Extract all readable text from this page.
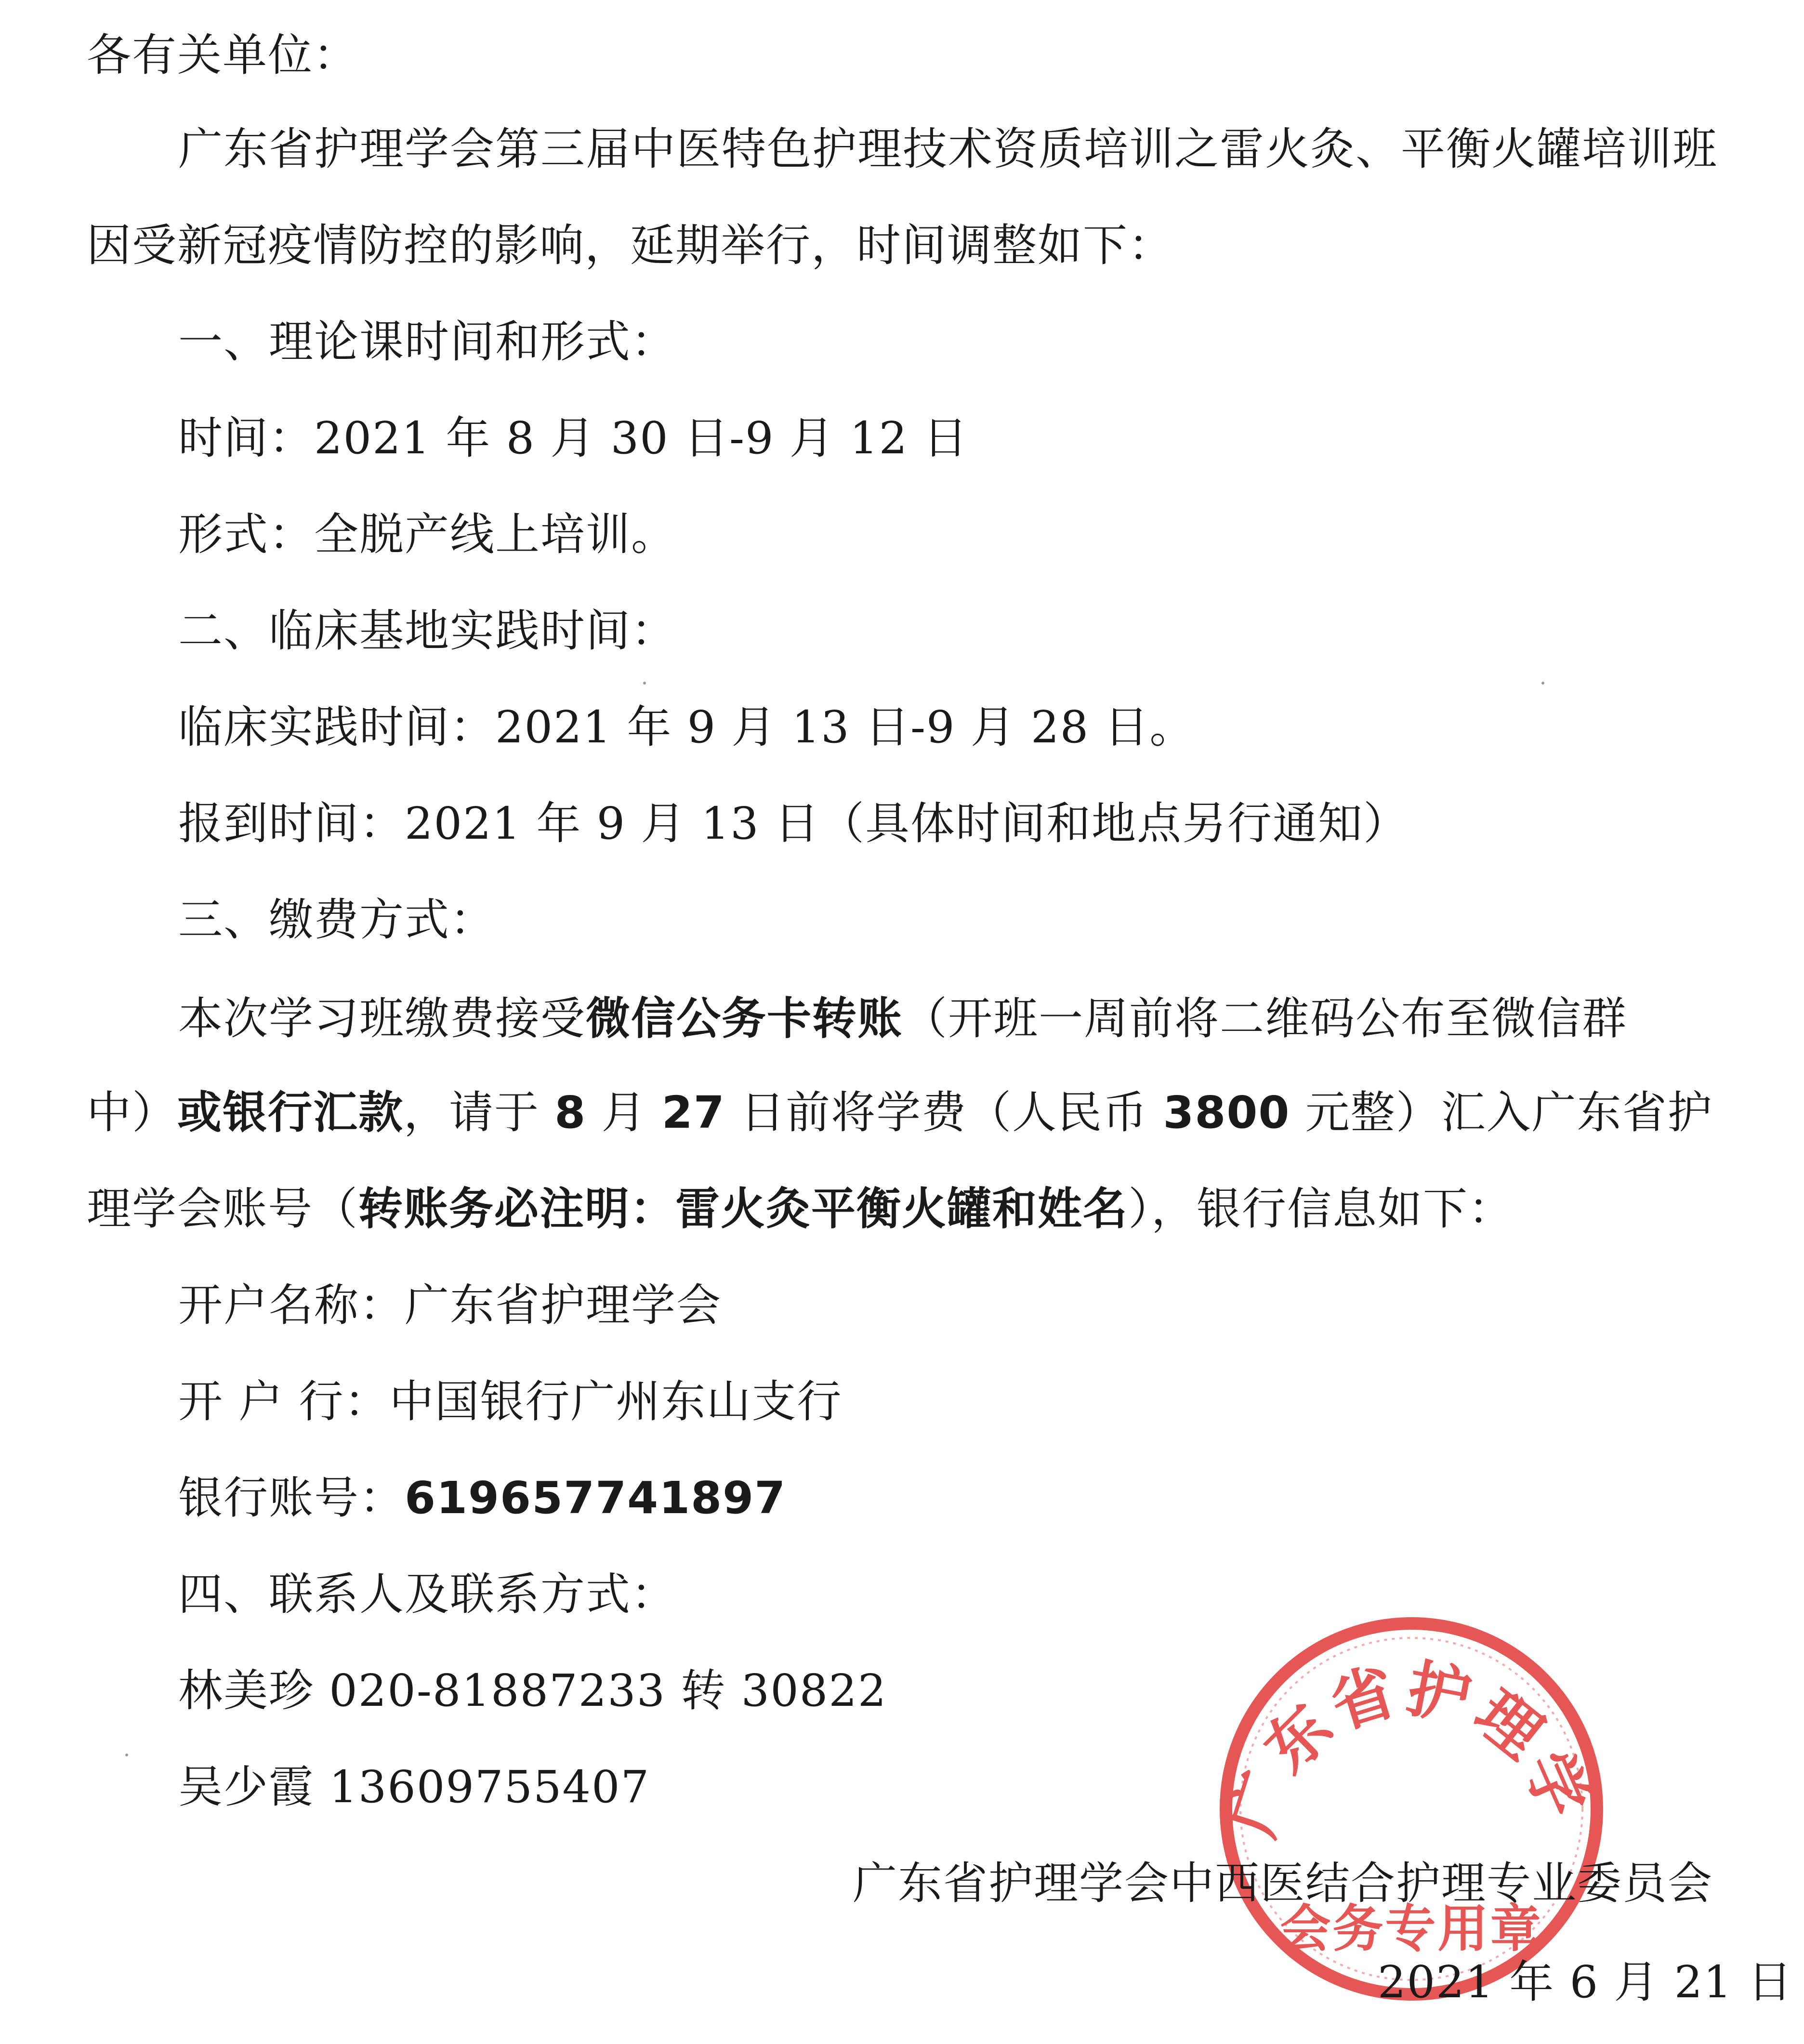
各有关单位：
广东省护理学会第三届中医特色护理技术资质培训之雷火灸、平衡火罐培训班
因受新冠疫情防控的影响，延期举行，时间调整如下：
一、理论课时间和形式：
时间：2021 年 8 月 30 日-9 月 12 日
形式：全脱产线上培训。
二、临床基地实践时间：
临床实践时间：2021 年 9 月 13 日-9 月 28 日。
报到时间：2021 年 9 月 13 日（具体时间和地点另行通知）
三、缴费方式：
本次学习班缴费接受微信公务卡转账（开班一周前将二维码公布至微信群
中）或银行汇款，请于 8 月 27 日前将学费（人民币 3800 元整）汇入广东省护
理学会账号（转账务必注明：雷火灸平衡火罐和姓名），银行信息如下：
开户名称：广东省护理学会
开 户 行：中国银行广州东山支行
银行账号：619657741897
四、联系人及联系方式：
林美珍 020-81887233 转 30822
吴少霞 13609755407	广东省护理学
会务专用章
广东省护理学会中西医结合护理专业委员会
2021 年 6 月 21 日
